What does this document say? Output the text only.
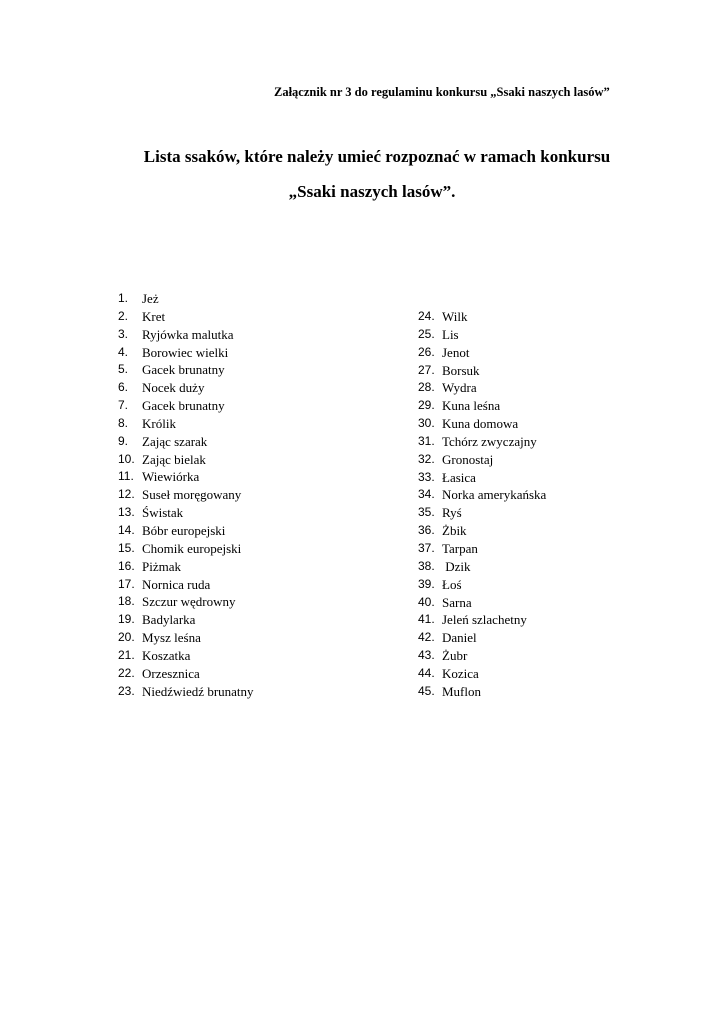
Załącznik nr 3 do regulaminu konkursu „Ssaki naszych lasów”
Lista ssaków, które należy umieć rozpoznać w ramach konkursu
„Ssaki naszych lasów”.
1.	Jeż
2.	Kret
3.	Ryjówka malutka
4.	Borowiec wielki
5.	Gacek brunatny
6.	Nocek duży
7.	Gacek brunatny
8.	Królik
9.	Zając szarak
10. Zając bielak
11. Wiewiórka
12. Suseł moręgowany
13. Świstak
14. Bóbr europejski
15. Chomik europejski
16. Piżmak
17. Nornica ruda
18. Szczur wędrowny
19. Badylarka
20. Mysz leśna
21. Koszatka
22. Orzesznica
23. Niedźwiedź brunatny
24. Wilk
25. Lis
26. Jenot
27. Borsuk
28. Wydra
29. Kuna leśna
30. Kuna domowa
31. Tchórz zwyczajny
32. Gronostaj
33. Łasica
34. Norka amerykańska
35. Ryś
36. Żbik
37. Tarpan
38. Dzik
39. Łoś
40. Sarna
41. Jeleń szlachetny
42. Daniel
43. Żubr
44. Kozica
45. Muflon
